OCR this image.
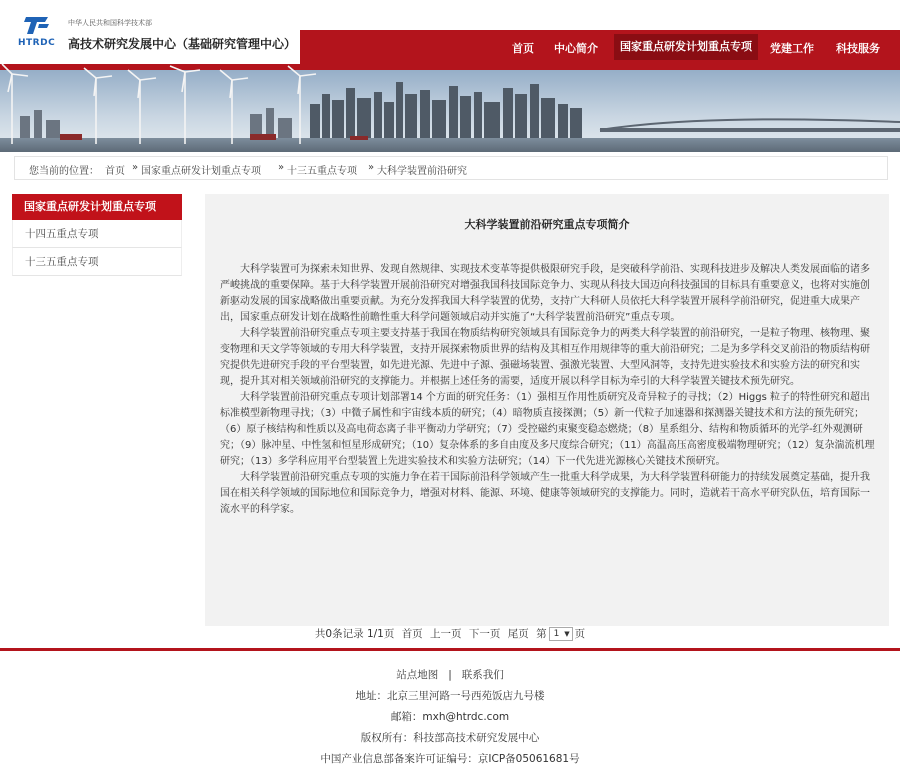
HTRDC
中华人民共和国科学技术部
高技术研究发展中心（基础研究管理中心）	首页 中心简介	国家重点研发计划重点专项	党建工作 科技服务
您当前的位置： 首页 » 国家重点研发计划重点专项 » 十三五重点专项 » 大科学装置前沿研究
国家重点研发计划重点专项
十四五重点专项
十三五重点专项
大科学装置前沿研究重点专项简介

大科学装置可为探索未知世界、发现自然规律、实现技术变革等提供极限研究手段，是突破科学前沿、实现科技进步及解决人类发展面临的诸多严峻挑战的重要保障。基于大科学装置开展前沿研究对增强我国科技国际竞争力、实现从科技大国迈向科技强国的目标具有重要意义，也将对实施创新驱动发展的国家战略做出重要贡献。为充分发挥我国大科学装置的优势，支持广大科研人员依托大科学装置开展科学前沿研究，促进重大成果产出，国家重点研发计划在战略性前瞻性重大科学问题领域启动并实施了“大科学装置前沿研究”重点专项。

大科学装置前沿研究重点专项主要支持基于我国在物质结构研究领域具有国际竞争力的两类大科学装置的前沿研究，一是粒子物理、核物理、聚变物理和天文学等领域的专用大科学装置，支持开展探索物质世界的结构及其相互作用规律等的重大前沿研究；二是为多学科交叉前沿的物质结构研究提供先进研究手段的平台型装置，如先进光源、先进中子源、强磁场装置、强激光装置、大型风洞等，支持先进实验技术和实验方法的研究和实现，提升其对相关领域前沿研究的支撑能力。并根据上述任务的需要，适度开展以科学目标为牵引的大科学装置关键技术预先研究。

大科学装置前沿研究重点专项计划部署14 个方面的研究任务：（1）强相互作用性质研究及奇异粒子的寻找；（2）Higgs 粒子的特性研究和超出标准模型新物理寻找；（3）中微子属性和宇宙线本质的研究；（4）暗物质直接探测；（5）新一代粒子加速器和探测器关键技术和方法的预先研究；（6）原子核结构和性质以及高电荷态离子非平衡动力学研究；（7）受控磁约束聚变稳态燃烧；（8）星系组分、结构和物质循环的光学-红外观测研究；（9）脉冲星、中性氢和恒星形成研究；（10）复杂体系的多自由度及多尺度综合研究；（11）高温高压高密度极端物理研究；（12）复杂湍流机理研究；（13）多学科应用平台型装置上先进实验技术和实验方法研究；（14）下一代先进光源核心关键技术预研究。

大科学装置前沿研究重点专项的实施力争在若干国际前沿科学领域产生一批重大科学成果，为大科学装置科研能力的持续发展奠定基础，提升我国在相关科学领域的国际地位和国际竞争力，增强对材料、能源、环境、健康等领域研究的支撑能力。同时，造就若干高水平研究队伍，培育国际一流水平的科学家。

共0条记录 1/1页 首页 上一页 下一页 尾页 第 1 ▼ 页
站点地图 | 联系我们
地址：北京三里河路一号西苑饭店九号楼
邮箱：mxh@htrdc.com
版权所有：科技部高技术研究发展中心
中国产业信息部备案许可证编号：京ICP备05061681号
